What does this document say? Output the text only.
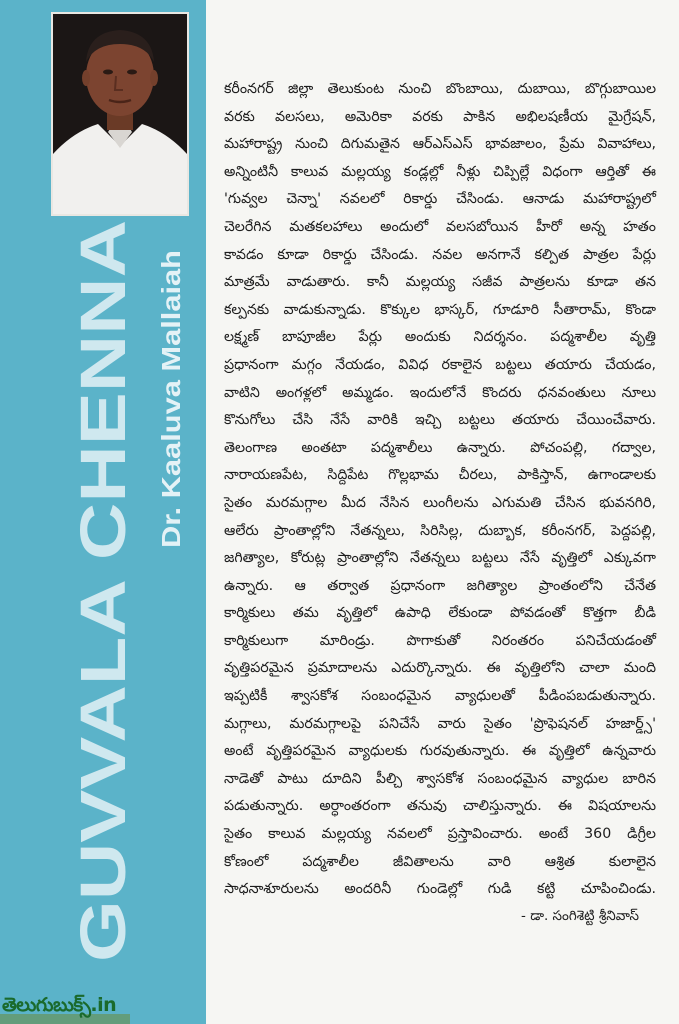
GUVVALA CHENNA Dr. Kaaluva Mallaiah
కరీంనగర్ జిల్లా తెలుకుంట నుంచి బొంబాయి, దుబాయి, బొగ్గుబాయిల
వరకు వలసలు, అమెరికా వరకు పాకిన అభిలషణీయ మైగ్రేషన్,
మహారాష్ట్ర నుంచి దిగుమతైన ఆర్ఎస్ఎస్ భావజాలం, ప్రేమ వివాహాలు,
అన్నింటినీ కాలువ మల్లయ్య కండ్లల్లో నీళ్లు చిప్పిల్లే విధంగా ఆర్తితో ఈ
'గువ్వల చెన్నా' నవలలో రికార్డు చేసిండు. ఆనాడు మహారాష్ట్రలో
చెలరేగిన మతకలహాలు అందులో వలసబోయిన హీరో అన్న హతం
కావడం కూడా రికార్డు చేసిండు. నవల అనగానే కల్పిత పాత్రల పేర్లు
మాత్రమే వాడుతారు. కానీ మల్లయ్య సజీవ పాత్రలను కూడా తన
కల్పనకు వాడుకున్నాడు. కొక్కుల భాస్కర్, గూడూరి సీతారామ్, కొండా
లక్ష్మణ్ బాపూజీల పేర్లు అందుకు నిదర్శనం. పద్మశాలీల వృత్తి
ప్రధానంగా మగ్గం నేయడం, వివిధ రకాలైన బట్టలు తయారు చేయడం,
వాటిని అంగళ్లలో అమ్మడం. ఇందులోనే కొందరు ధనవంతులు నూలు
కొనుగోలు చేసి నేసే వారికి ఇచ్చి బట్టలు తయారు చేయించేవారు.
తెలంగాణ అంతటా పద్మశాలీలు ఉన్నారు. పోచంపల్లి, గద్వాల,
నారాయణపేట, సిద్దిపేట గొల్లభామ చీరలు, పాకిస్తాన్, ఉగాండాలకు
సైతం మరమగ్గాల మీద నేసిన లుంగీలను ఎగుమతి చేసిన భువనగిరి,
ఆలేరు ప్రాంతాల్లోని నేతన్నలు, సిరిసిల్ల, దుబ్బాక, కరీంనగర్, పెద్దపల్లి,
జగిత్యాల, కోరుట్ల ప్రాంతాల్లోని నేతన్నలు బట్టలు నేసే వృత్తిలో ఎక్కువగా
ఉన్నారు. ఆ తర్వాత ప్రధానంగా జగిత్యాల ప్రాంతంలోని చేనేత
కార్మికులు తమ వృత్తిలో ఉపాధి లేకుండా పోవడంతో కొత్తగా బీడి
కార్మికులుగా మారిండ్రు. పొగాకుతో నిరంతరం పనిచేయడంతో
వృత్తిపరమైన ప్రమాదాలను ఎదుర్కొన్నారు. ఈ వృత్తిలోని చాలా మంది
ఇప్పటికీ శ్వాసకోశ సంబంధమైన వ్యాధులతో పీడింపబడుతున్నారు.
మగ్గాలు, మరమగ్గాలపై పనిచేసే వారు సైతం 'ప్రొఫెషనల్ హజార్డ్స్'
అంటే వృత్తిపరమైన వ్యాధులకు గురవుతున్నారు. ఈ వృత్తిలో ఉన్నవారు
నాడెతో పాటు దూదిని పీల్చి శ్వాసకోశ సంబంధమైన వ్యాధుల బారిన
పడుతున్నారు. అర్ధాంతరంగా తనువు చాలిస్తున్నారు. ఈ విషయాలను
సైతం కాలువ మల్లయ్య నవలలో ప్రస్తావించారు. అంటే 360 డిగ్రీల
కోణంలో పద్మశాలీల జీవితాలను వారి ఆశ్రిత కులాలైన
సాధనాశూరులను అందరినీ గుండెల్లో గుడి కట్టి చూపించిండు.
- డా. సంగిశెట్టి శ్రీనివాస్
తెలుగుబుక్స్.in
